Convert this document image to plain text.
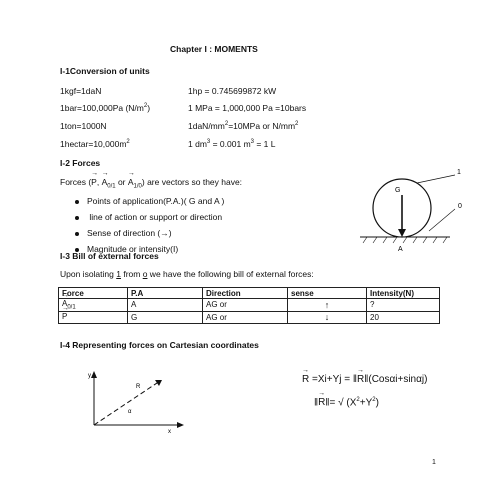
Chapter I : MOMENTS
I-1Conversion of units
1kgf=1daN	1hp = 0.745699872 kW
1bar=100,000Pa $(N/m^2)$	1 MPa = 1,000,000 Pa =10bars
1ton=1000N	$1daN/mm^2=10MPa$ or $N/mm^2$
$1hectar=10,000m^2$	1 $dm^3 = 0.001$ $m^3 = 1$ L
I-2 Forces
Forces (→ P, → $A_{0/1}$ or → $A_{1/0}$) are vectors so they have:
Points of application(P.A.)( G and A )
line of action or support or direction
Sense of direction (→)
Magnitude or intensity(I)
1
0
G
A
I-3 Bill of external forces
Upon isolating 1 from o we have the following bill of external forces:
Force	P.A	Direction	sense	Intensity(N)
→ $A_{0/1}$	A	AG or	↑	?
→ P	G	AG or	↓	20
I-4 Representing forces on Cartesian coordinates
y
x
R
α
→ R =Xi+Yj = ‖→ R‖(Cosαi+sinαj)
‖→ R‖= √ $(X^2+Y^2)$
1
